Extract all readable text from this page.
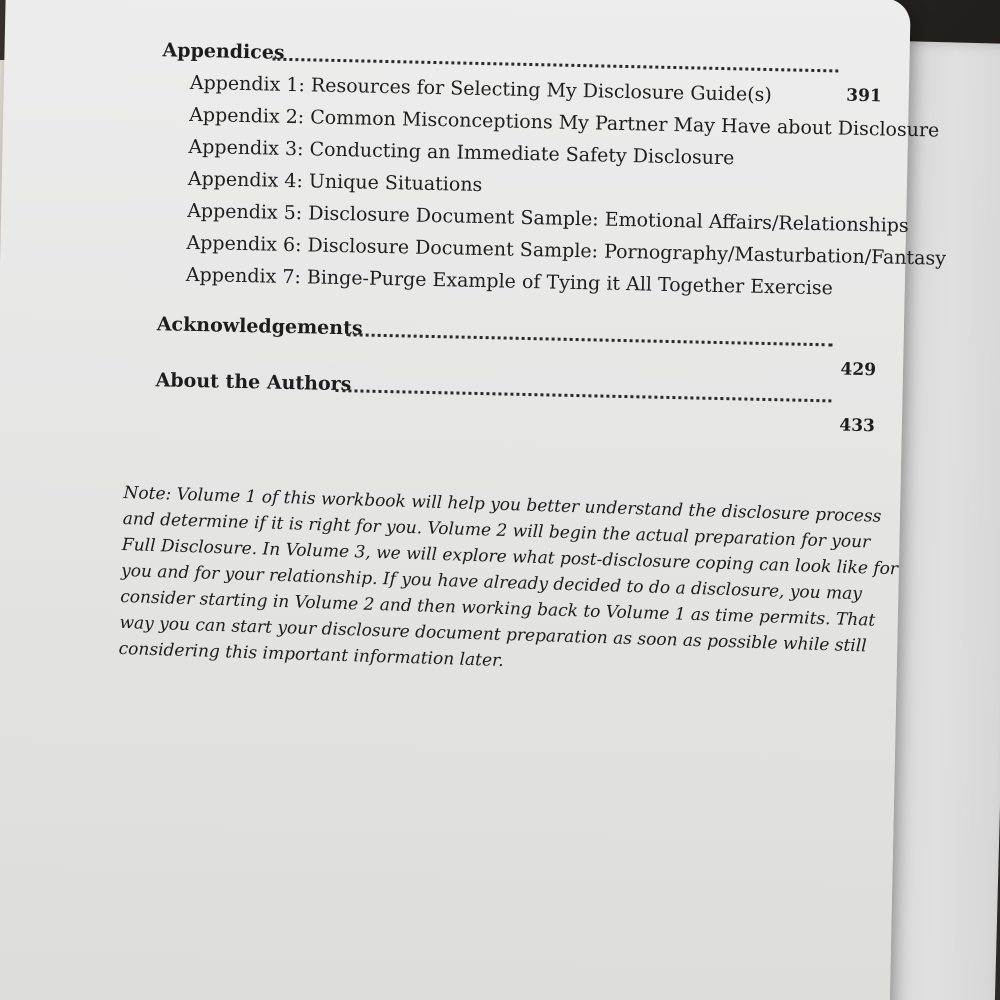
Appendices
Appendix 1: Resources for Selecting My Disclosure Guide(s)	391
Appendix 2: Common Misconceptions My Partner May Have about Disclosure
Appendix 3: Conducting an Immediate Safety Disclosure
Appendix 4: Unique Situations
Appendix 5: Disclosure Document Sample: Emotional Affairs/Relationships
Appendix 6: Disclosure Document Sample: Pornography/Masturbation/Fantasy
Appendix 7: Binge-Purge Example of Tying it All Together Exercise
Acknowledgements
429
About the Authors
433

Note: Volume 1 of this workbook will help you better understand the disclosure process and determine if it is right for you. Volume 2 will begin the actual preparation for your Full Disclosure. In Volume 3, we will explore what post-disclosure coping can look like for you and for your relationship. If you have already decided to do a disclosure, you may consider starting in Volume 2 and then working back to Volume 1 as time permits. That way you can start your disclosure document preparation as soon as possible while still considering this important information later.
